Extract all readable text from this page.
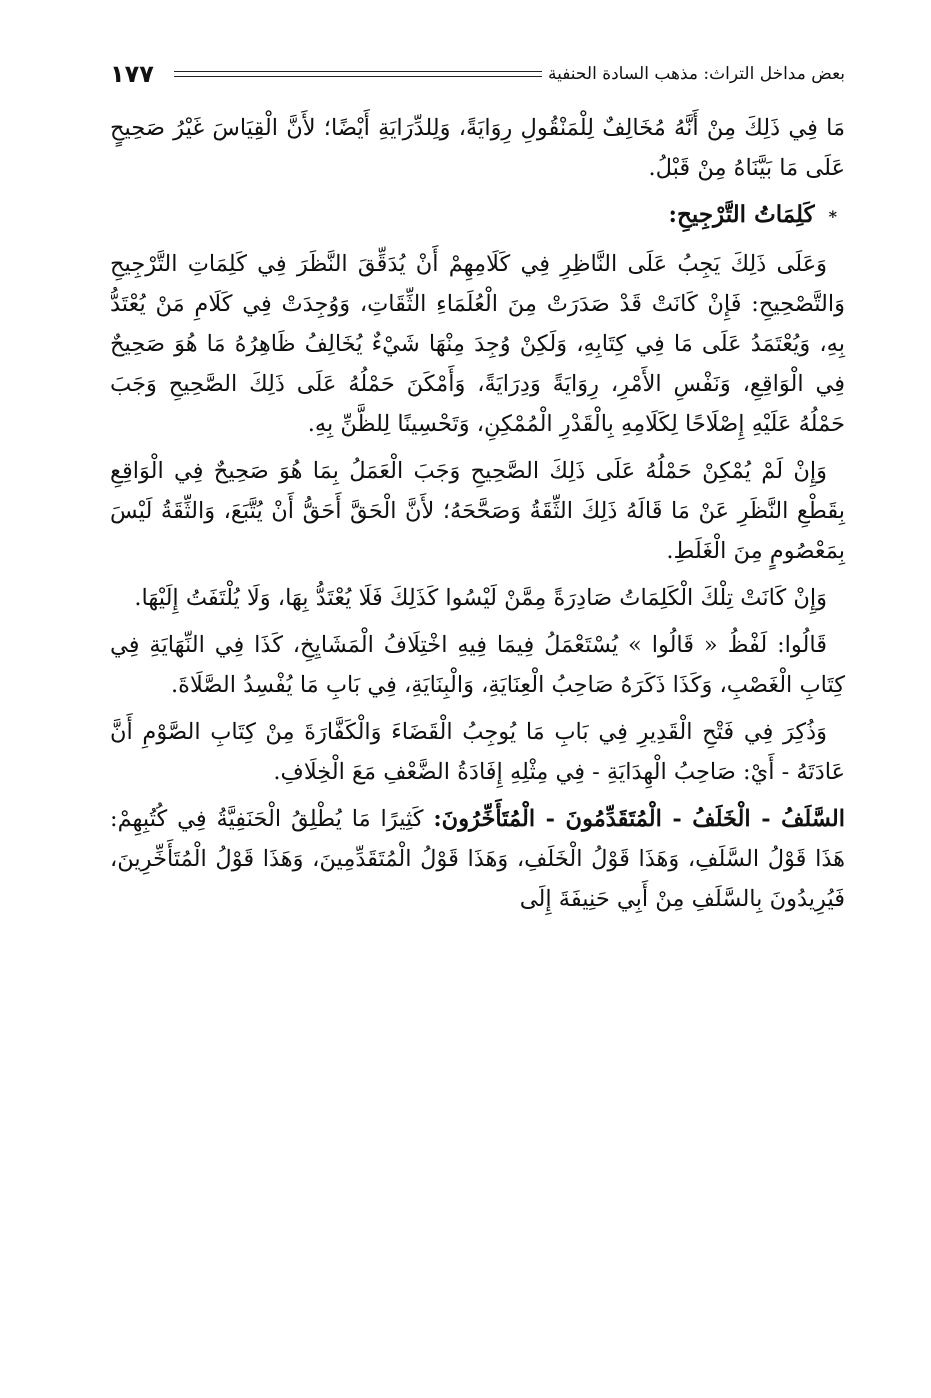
١٧٧	بعض مداخل التراث: مذهب السادة الحنفية

مَا فِي ذَلِكَ مِنْ أَنَّهُ مُخَالِفٌ لِلْمَنْقُولِ رِوَايَةً، وَلِلدِّرَايَةِ أَيْضًا؛ لأَنَّ الْقِيَاسَ غَيْرُ صَحِيحٍ عَلَى مَا بَيَّنَاهُ مِنْ قَبْلُ.

* كَلِمَاتُ التَّرْجِيحِ:

وَعَلَى ذَلِكَ يَجِبُ عَلَى النَّاظِرِ فِي كَلَامِهِمْ أَنْ يُدَقِّقَ النَّظَرَ فِي كَلِمَاتِ التَّرْجِيحِ وَالتَّصْحِيحِ: فَإِنْ كَانَتْ قَدْ صَدَرَتْ مِنَ الْعُلَمَاءِ الثِّقَاتِ، وَوُجِدَتْ فِي كَلَامِ مَنْ يُعْتَدُّ بِهِ، وَيُعْتَمَدُ عَلَى مَا فِي كِتَابِهِ، وَلَكِنْ وُجِدَ مِنْهَا شَيْءٌ يُخَالِفُ ظَاهِرُهُ مَا هُوَ صَحِيحٌ فِي الْوَاقِعِ، وَنَفْسِ الأَمْرِ، رِوَايَةً وَدِرَايَةً، وَأَمْكَنَ حَمْلُهُ عَلَى ذَلِكَ الصَّحِيحِ وَجَبَ حَمْلُهُ عَلَيْهِ إِصْلَاحًا لِكَلَامِهِ بِالْقَدْرِ الْمُمْكِنِ، وَتَحْسِينًا لِلظَّنِّ بِهِ.

وَإِنْ لَمْ يُمْكِنْ حَمْلُهُ عَلَى ذَلِكَ الصَّحِيحِ وَجَبَ الْعَمَلُ بِمَا هُوَ صَحِيحٌ فِي الْوَاقِعِ بِقَطْعِ النَّظَرِ عَنْ مَا قَالَهُ ذَلِكَ الثِّقَةُ وَصَحَّحَهُ؛ لأَنَّ الْحَقَّ أَحَقُّ أَنْ يُتَّبَعَ، وَالثِّقَةُ لَيْسَ بِمَعْصُومٍ مِنَ الْغَلَطِ.

وَإِنْ كَانَتْ تِلْكَ الْكَلِمَاتُ صَادِرَةً مِمَّنْ لَيْسُوا كَذَلِكَ فَلَا يُعْتَدُّ بِهَا، وَلَا يُلْتَفَتُ إِلَيْهَا.

قَالُوا: لَفْظُ « قَالُوا » يُسْتَعْمَلُ فِيمَا فِيهِ اخْتِلَافُ الْمَشَايِخِ، كَذَا فِي النِّهَايَةِ فِي كِتَابِ الْغَصْبِ، وَكَذَا ذَكَرَهُ صَاحِبُ الْعِنَايَةِ، وَالْبِنَايَةِ، فِي بَابِ مَا يُفْسِدُ الصَّلَاةَ.

وَذُكِرَ فِي فَتْحِ الْقَدِيرِ فِي بَابِ مَا يُوجِبُ الْقَضَاءَ وَالْكَفَّارَةَ مِنْ كِتَابِ الصَّوْمِ أَنَّ عَادَتَهُ - أَيْ: صَاحِبُ الْهِدَايَةِ - فِي مِثْلِهِ إِفَادَةُ الضَّعْفِ مَعَ الْخِلَافِ.

السَّلَفُ - الْخَلَفُ - الْمُتَقَدِّمُونَ - الْمُتَأَخِّرُونَ: كَثِيرًا مَا يُطْلِقُ الْحَنَفِيَّةُ فِي كُتُبِهِمْ: هَذَا قَوْلُ السَّلَفِ، وَهَذَا قَوْلُ الْخَلَفِ، وَهَذَا قَوْلُ الْمُتَقَدِّمِينَ، وَهَذَا قَوْلُ الْمُتَأَخِّرِينَ، فَيُرِيدُونَ بِالسَّلَفِ مِنْ أَبِي حَنِيفَةَ إِلَى
